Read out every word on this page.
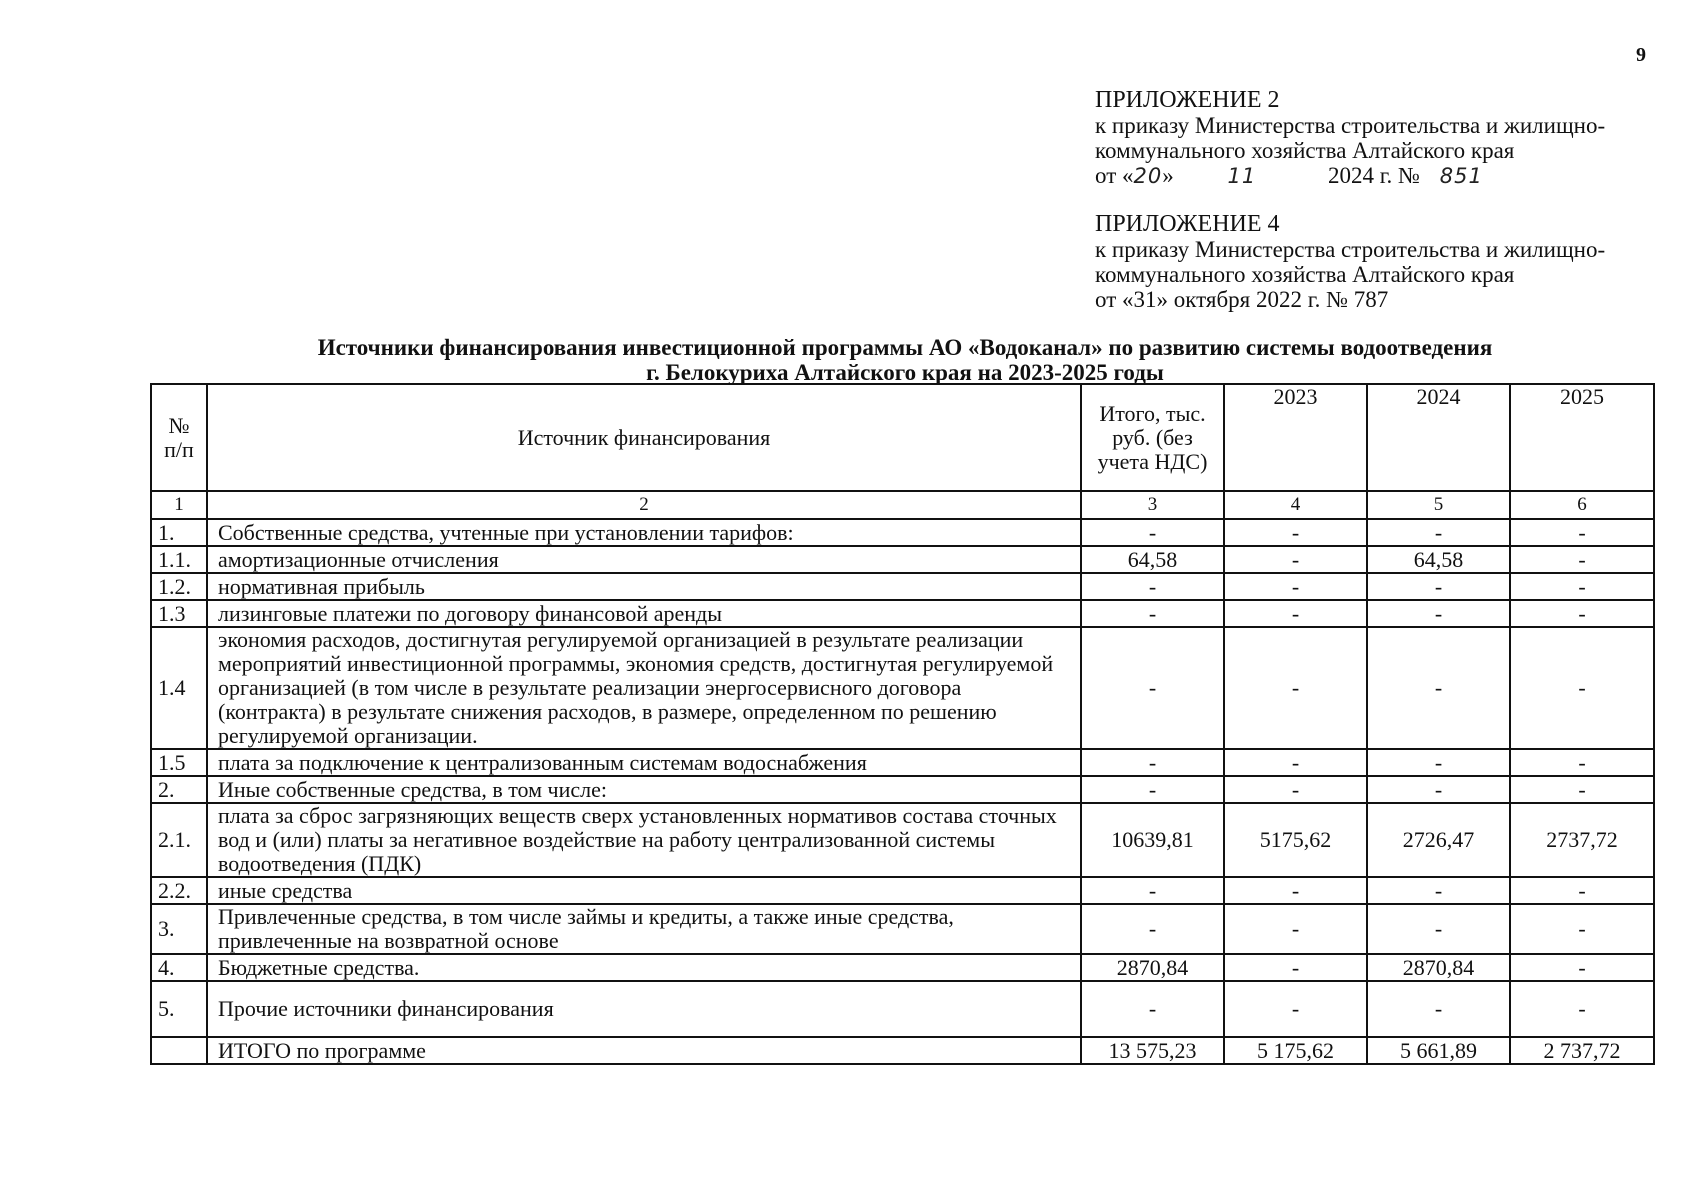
9
ПРИЛОЖЕНИЕ 2
к приказу Министерства строительства и жилищно-
коммунального хозяйства Алтайского края
от «20»	11	2024 г. № 851
ПРИЛОЖЕНИЕ 4
к приказу Министерства строительства и жилищно-
коммунального хозяйства Алтайского края
от «31» октября 2022 г. № 787
Источники финансирования инвестиционной программы АО «Водоканал» по развитию системы водоотведения
г. Белокуриха Алтайского края на 2023-2025 годы
№ п/п	Источник финансирования	Итого, тыс. руб. (без учета НДС)	2023	2024	2025
1	2	3	4	5	6
1.	Собственные средства, учтенные при установлении тарифов:	-	-	-	-
1.1.	амортизационные отчисления	64,58	-	64,58	-
1.2.	нормативная прибыль	-	-	-	-
1.3	лизинговые платежи по договору финансовой аренды	-	-	-	-
1.4	экономия расходов, достигнутая регулируемой организацией в результате реализации мероприятий инвестиционной программы, экономия средств, достигнутая регулируемой организацией (в том числе в результате реализации энергосервисного договора (контракта) в результате снижения расходов, в размере, определенном по решению регулируемой организации.	-	-	-	-
1.5	плата за подключение к централизованным системам водоснабжения	-	-	-	-
2.	Иные собственные средства, в том числе:	-	-	-	-
2.1.	плата за сброс загрязняющих веществ сверх установленных нормативов состава сточных вод и (или) платы за негативное воздействие на работу централизованной системы водоотведения (ПДК)	10639,81	5175,62	2726,47	2737,72
2.2.	иные средства	-	-	-	-
3.	Привлеченные средства, в том числе займы и кредиты, а также иные средства, привлеченные на возвратной основе	-	-	-	-
4.	Бюджетные средства.	2870,84	-	2870,84	-
5.	Прочие источники финансирования	-	-	-	-
	ИТОГО по программе	13 575,23	5 175,62	5 661,89	2 737,72
